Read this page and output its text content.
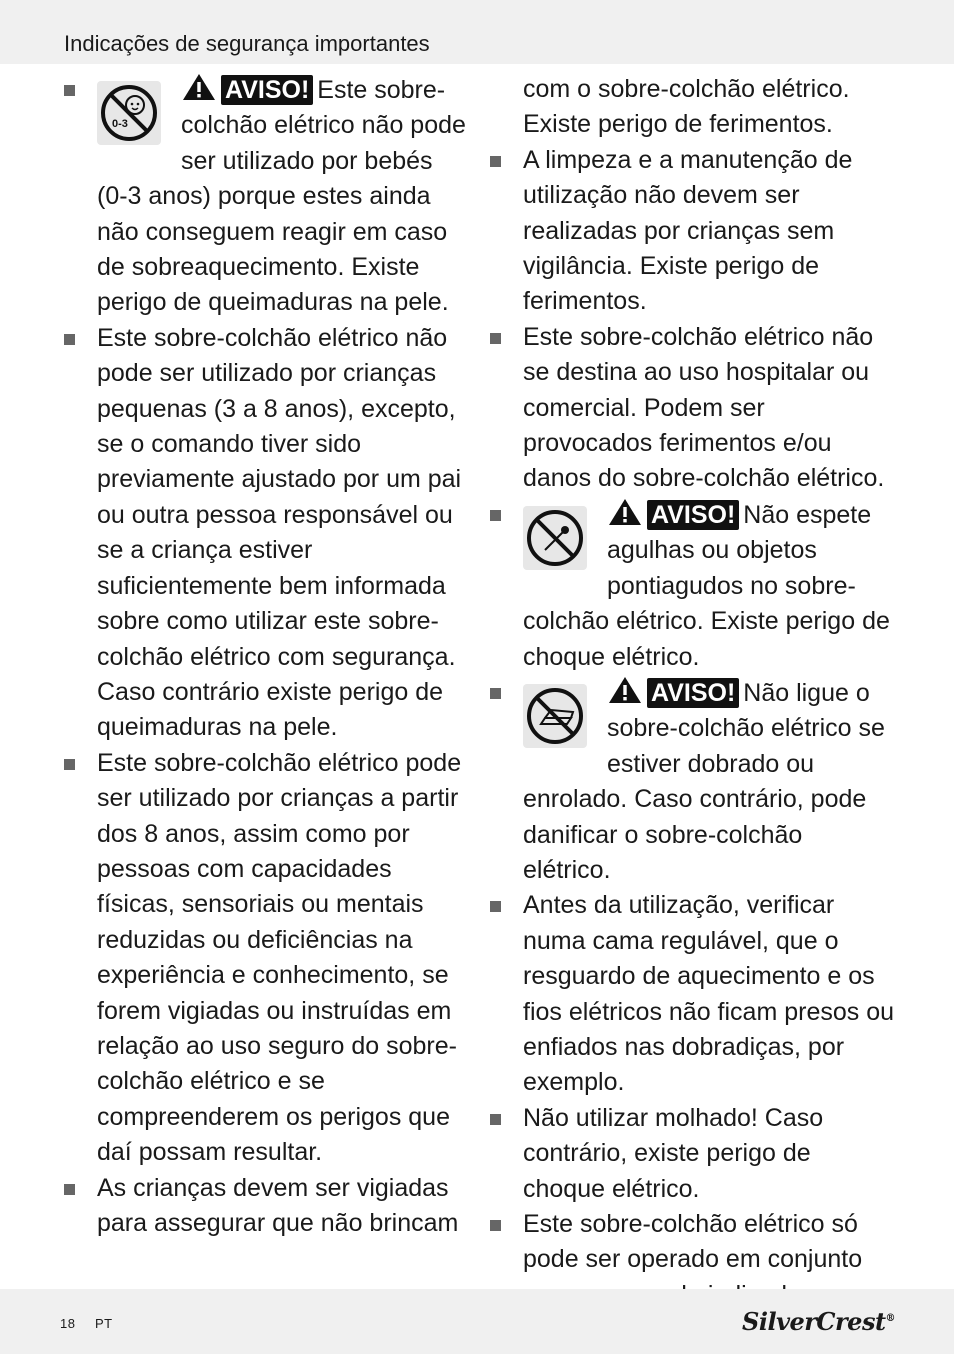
Indicações de segurança importantes

0-3
AVISO! Este sobre-colchão elétrico não pode ser utilizado por bebés (0-3 anos) porque estes ainda não conseguem reagir em caso de sobreaquecimento. Existe perigo de queimaduras na pele.

Este sobre-colchão elétrico não pode ser utilizado por crianças pequenas (3 a 8 anos), excepto, se o comando tiver sido previamente ajustado por um pai ou outra pessoa responsável ou se a criança estiver suficientemente bem informada sobre como utilizar este sobre-colchão elétrico com segurança. Caso contrário existe perigo de queimaduras na pele.

Este sobre-colchão elétrico pode ser utilizado por crianças a partir dos 8 anos, assim como por pessoas com capacidades físicas, sensoriais ou mentais reduzidas ou deficiências na experiência e conhecimento, se forem vigiadas ou instruídas em relação ao uso seguro do sobre-colchão elétrico e se compreenderem os perigos que daí possam resultar.

As crianças devem ser vigiadas para assegurar que não brincam

com o sobre-colchão elétrico. Existe perigo de ferimentos.

A limpeza e a manutenção de utilização não devem ser realizadas por crianças sem vigilância. Existe perigo de ferimentos.

Este sobre-colchão elétrico não se destina ao uso hospitalar ou comercial. Podem ser provocados ferimentos e/ou danos do sobre-colchão elétrico.

AVISO! Não espete agulhas ou objetos pontiagudos no sobre-colchão elétrico. Existe perigo de choque elétrico.

AVISO! Não ligue o sobre-colchão elétrico se estiver dobrado ou enrolado. Caso contrário, pode danificar o sobre-colchão elétrico.

Antes da utilização, verificar numa cama regulável, que o resguardo de aquecimento e os fios elétricos não ficam presos ou enfiados nas dobradiças, por exemplo.

Não utilizar molhado! Caso contrário, existe perigo de choque elétrico.

Este sobre-colchão elétrico só pode ser operado em conjunto

18 PT	SilverCrest®
